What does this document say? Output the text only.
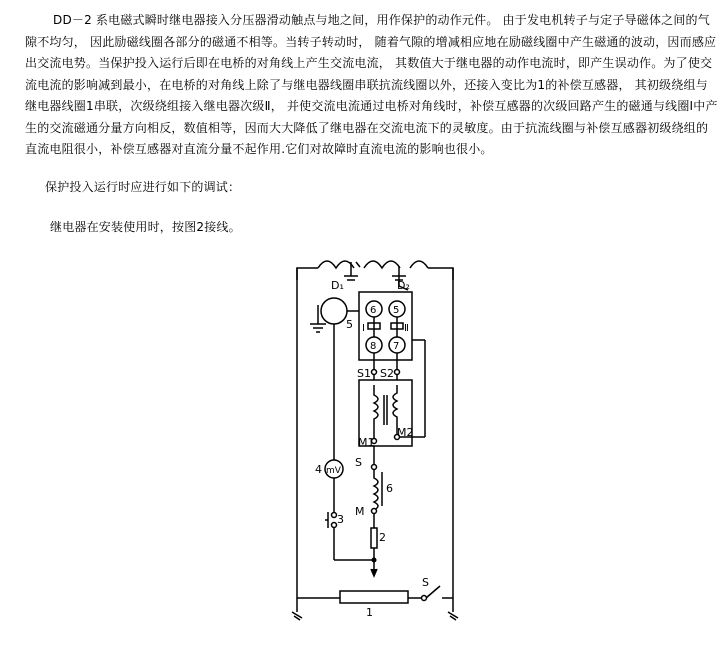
DD－2 系电磁式瞬时继电器接入分压器滑动触点与地之间，用作保护的动作元件。 由于发电机转子与定子导磁体之间的气隙不均匀， 因此励磁线圈各部分的磁通不相等。当转子转动时， 随着气隙的增减相应地在励磁线圈中产生磁通的波动，因而感应出交流电势。当保护投入运行后即在电桥的对角线上产生交流电流， 其数值大于继电器的动作电流时，即产生误动作。为了使交流电流的影响减到最小，在电桥的对角线上除了与继电器线圈串联抗流线圈以外，还接入变比为1的补偿互感器， 其初级绕组与继电器线圈1串联，次级绕组接入继电器次级Ⅱ， 并使交流电流通过电桥对角线时，补偿互感器的次级回路产生的磁通与线圈Ⅰ中产生的交流磁通分量方向相反，数值相等，因而大大降低了继电器在交流电流下的灵敏度。由于抗流线圈与补偿互感器初级绕组的直流电阻很小，补偿互感器对直流分量不起作用.它们对故障时直流电流的影响也很小。

保护投入运行时应进行如下的调试：

继电器在安装使用时，按图2接线。

D₁	D₂
5
6 5
8 7
Ⅰ	Ⅱ
S1 S2
M1
M2
4 mV
S
6
M
3
2
1
S
